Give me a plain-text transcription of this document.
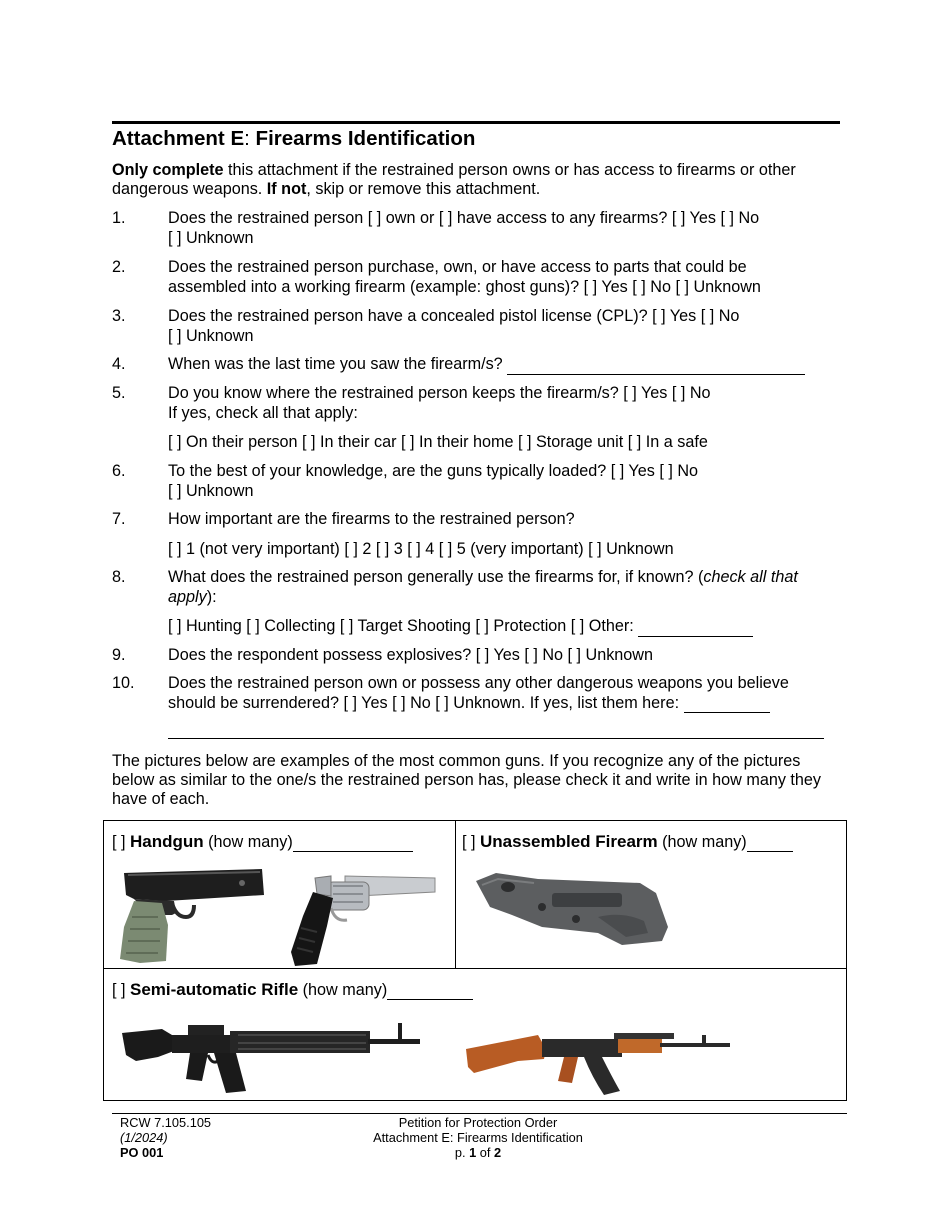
Attachment E: Firearms Identification
Only complete this attachment if the restrained person owns or has access to firearms or other dangerous weapons. If not, skip or remove this attachment.
1.	Does the restrained person [ ] own or [ ] have access to any firearms? [ ] Yes [ ] No
[ ] Unknown
2.	Does the restrained person purchase, own, or have access to parts that could be
assembled into a working firearm (example: ghost guns)? [ ] Yes [ ] No [ ] Unknown
3.	Does the restrained person have a concealed pistol license (CPL)? [ ] Yes [ ] No
[ ] Unknown
4.	When was the last time you saw the firearm/s?
5.	Do you know where the restrained person keeps the firearm/s? [ ] Yes [ ] No
If yes, check all that apply:
[ ] On their person [ ] In their car [ ] In their home [ ] Storage unit [ ] In a safe
6.	To the best of your knowledge, are the guns typically loaded? [ ] Yes [ ] No
[ ] Unknown
7.	How important are the firearms to the restrained person?
[ ] 1 (not very important) [ ] 2 [ ] 3 [ ] 4 [ ] 5 (very important) [ ] Unknown
8.	What does the restrained person generally use the firearms for, if known? (check all that
apply):
[ ] Hunting [ ] Collecting [ ] Target Shooting [ ] Protection [ ] Other:
9.	Does the respondent possess explosives? [ ] Yes [ ] No [ ] Unknown
10. Does the restrained person own or possess any other dangerous weapons you believe
should be surrendered? [ ] Yes [ ] No [ ] Unknown. If yes, list them here:
The pictures below are examples of the most common guns. If you recognize any of the pictures below as similar to the one/s the restrained person has, please check it and write in how many they have of each.
[ ] Handgun (how many)	[ ] Unassembled Firearm (how many)
[ ] Semi-automatic Rifle (how many)
RCW 7.105.105
(1/2024)
PO 001
Petition for Protection Order
Attachment E: Firearms Identification
p. 1 of 2
